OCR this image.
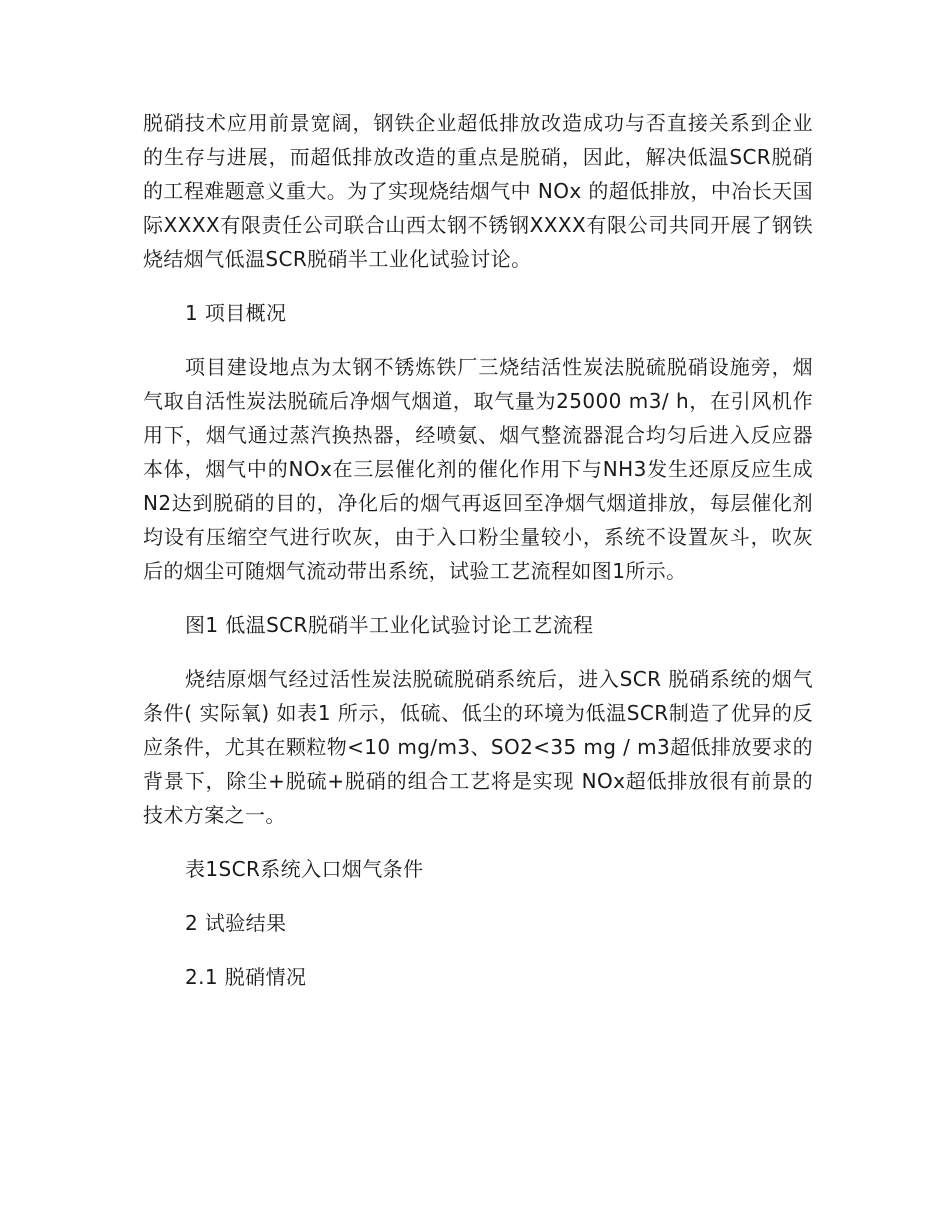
脱硝技术应用前景宽阔，钢铁企业超低排放改造成功与否直接关系到企业的生存与进展，而超低排放改造的重点是脱硝，因此，解决低温SCR脱硝的工程难题意义重大。为了实现烧结烟气中 NOx 的超低排放，中冶长天国际XXXX有限责任公司联合山西太钢不锈钢XXXX有限公司共同开展了钢铁烧结烟气低温SCR脱硝半工业化试验讨论。

1 项目概况

项目建设地点为太钢不锈炼铁厂三烧结活性炭法脱硫脱硝设施旁，烟气取自活性炭法脱硫后净烟气烟道，取气量为25000 m3/ h，在引风机作用下，烟气通过蒸汽换热器，经喷氨、烟气整流器混合均匀后进入反应器本体，烟气中的NOx在三层催化剂的催化作用下与NH3发生还原反应生成N2达到脱硝的目的，净化后的烟气再返回至净烟气烟道排放，每层催化剂均设有压缩空气进行吹灰，由于入口粉尘量较小，系统不设置灰斗，吹灰后的烟尘可随烟气流动带出系统，试验工艺流程如图1所示。

图1 低温SCR脱硝半工业化试验讨论工艺流程

烧结原烟气经过活性炭法脱硫脱硝系统后，进入SCR 脱硝系统的烟气条件( 实际氧) 如表1 所示，低硫、低尘的环境为低温SCR制造了优异的反应条件，尤其在颗粒物<10 mg/m3、SO2<35 mg / m3超低排放要求的背景下，除尘+脱硫+脱硝的组合工艺将是实现 NOx超低排放很有前景的技术方案之一。

表1SCR系统入口烟气条件

2 试验结果

2.1 脱硝情况
